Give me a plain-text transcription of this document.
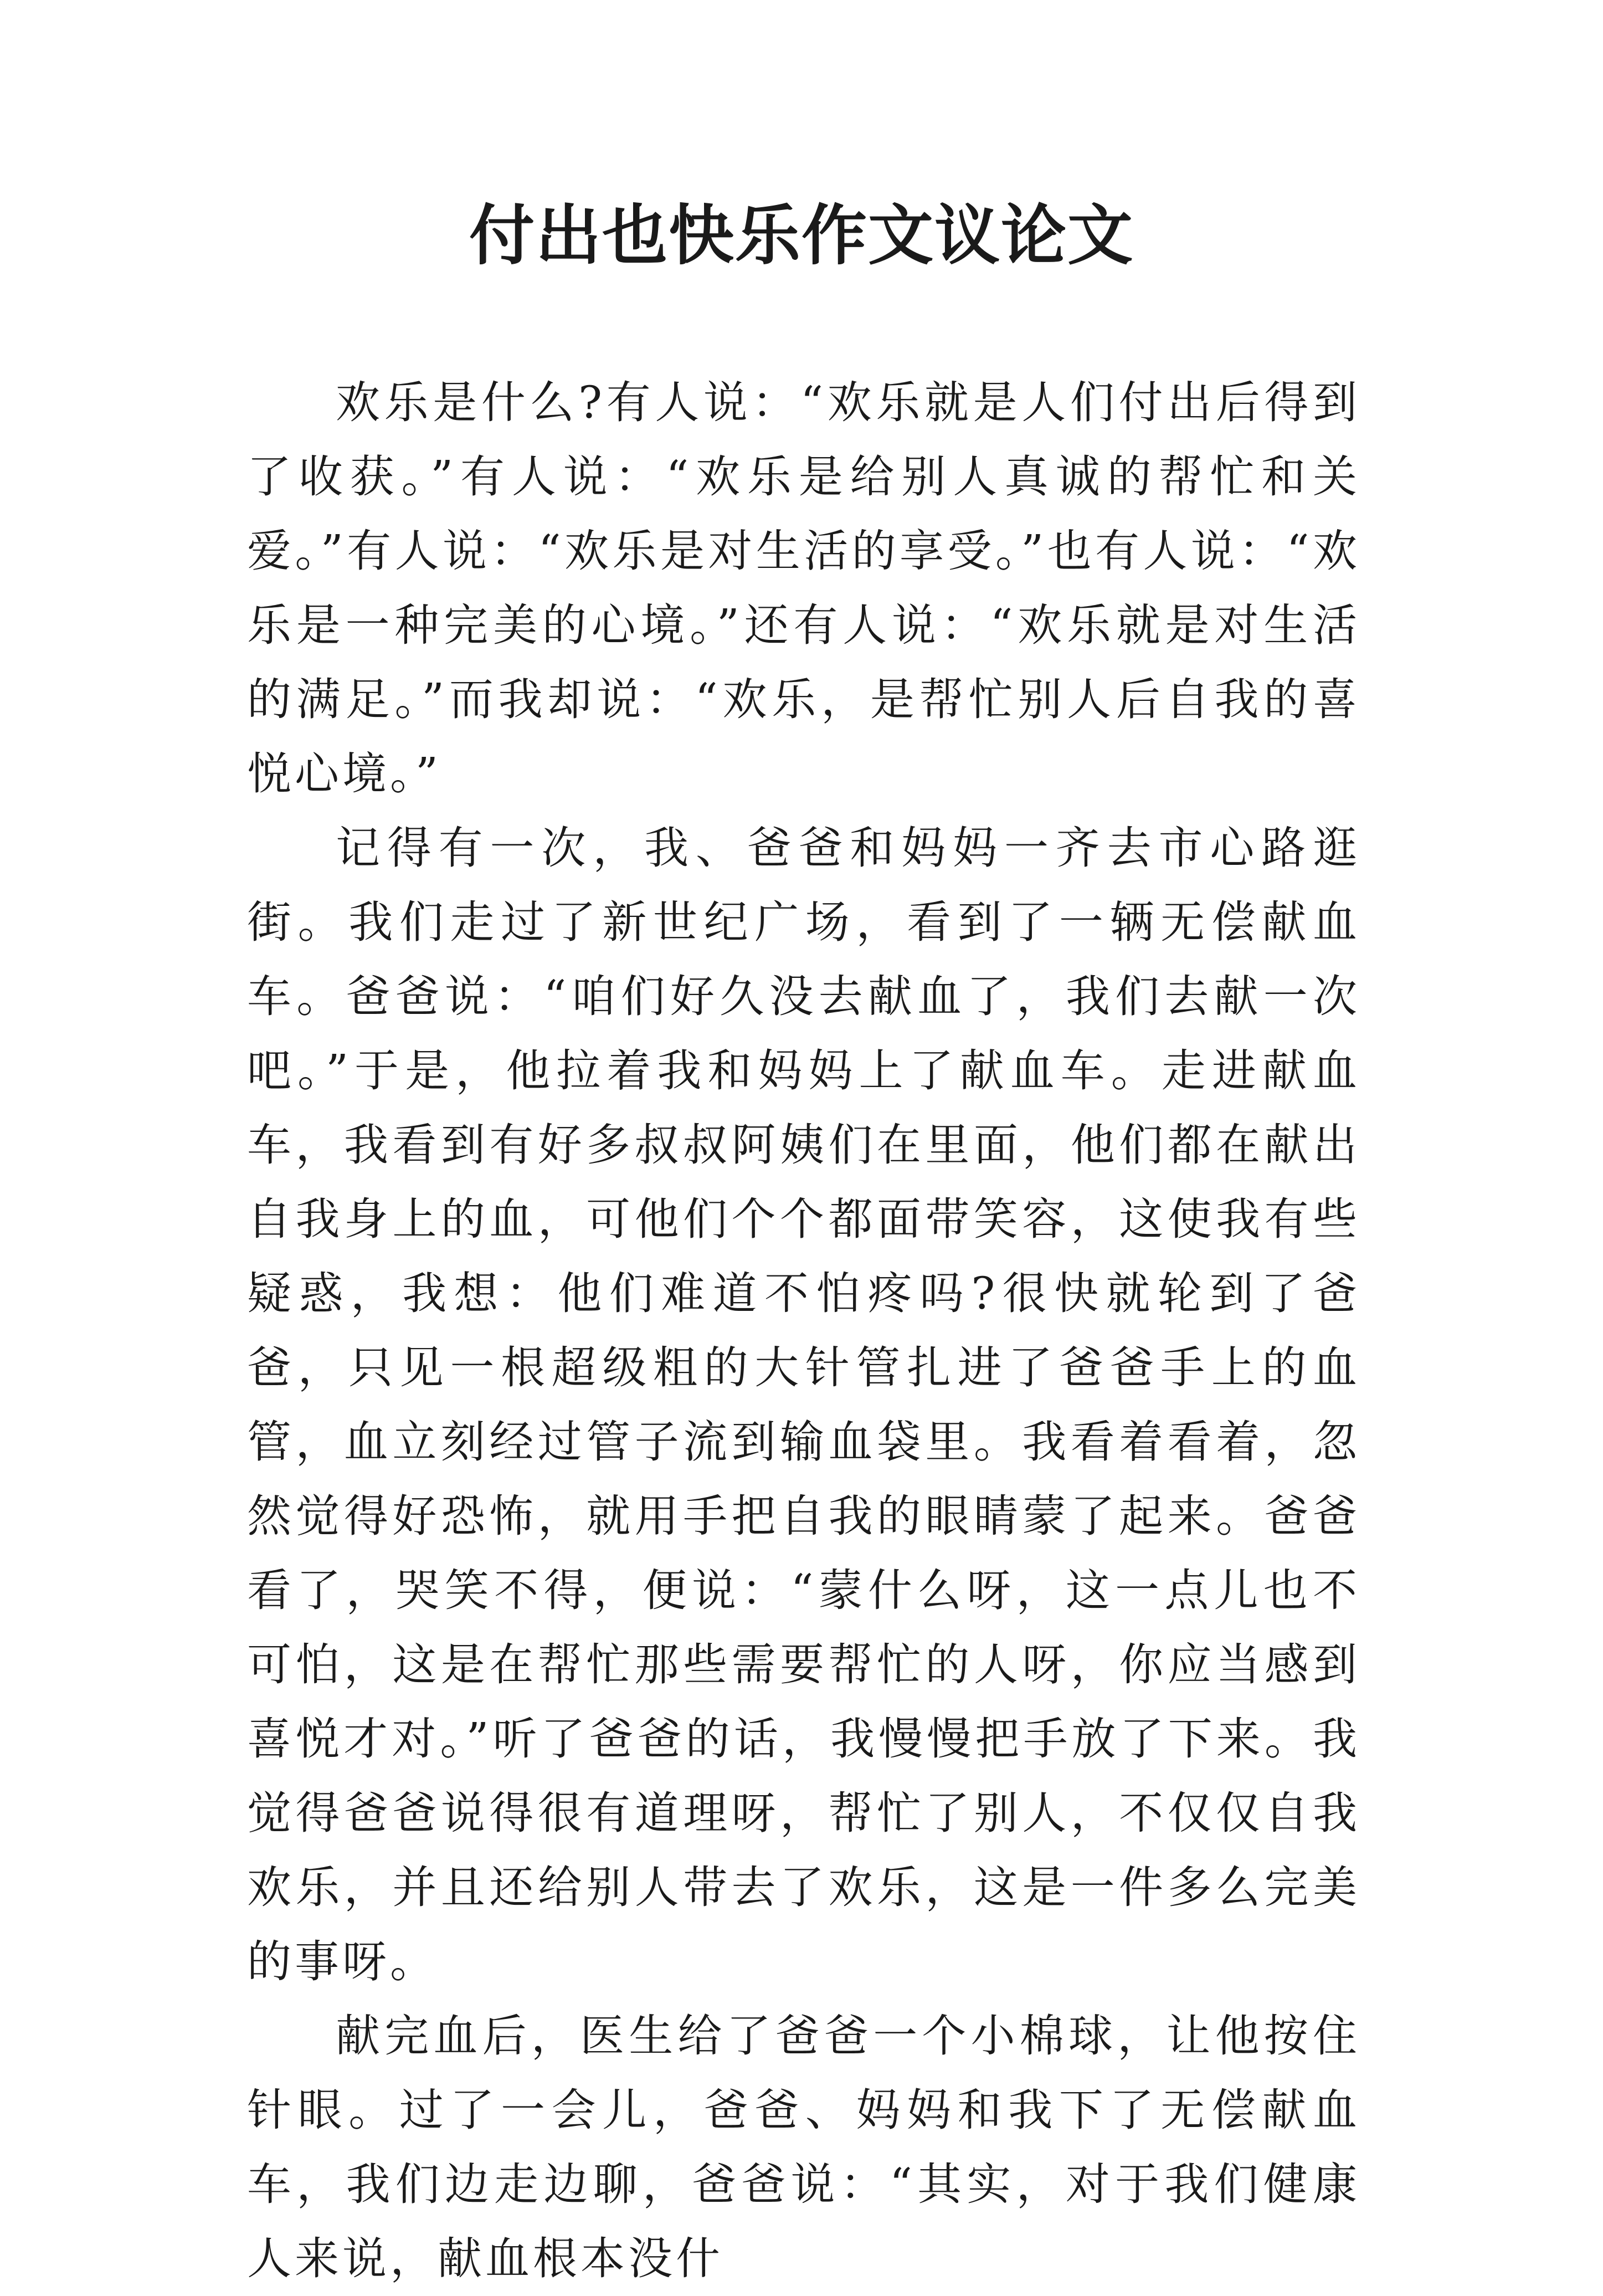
付出也快乐作文议论文

欢乐是什么?有人说：“欢乐就是人们付出后得到了收获。”有人说：“欢乐是给别人真诚的帮忙和关爱。”有人说：“欢乐是对生活的享受。”也有人说：“欢乐是一种完美的心境。”还有人说：“欢乐就是对生活的满足。”而我却说：“欢乐，是帮忙别人后自我的喜悦心境。”

记得有一次，我、爸爸和妈妈一齐去市心路逛街。我们走过了新世纪广场，看到了一辆无偿献血车。爸爸说：“咱们好久没去献血了，我们去献一次吧。”于是，他拉着我和妈妈上了献血车。走进献血车，我看到有好多叔叔阿姨们在里面，他们都在献出自我身上的血，可他们个个都面带笑容，这使我有些疑惑，我想：他们难道不怕疼吗?很快就轮到了爸爸，只见一根超级粗的大针管扎进了爸爸手上的血管，血立刻经过管子流到输血袋里。我看着看着，忽然觉得好恐怖，就用手把自我的眼睛蒙了起来。爸爸看了，哭笑不得，便说：“蒙什么呀，这一点儿也不可怕，这是在帮忙那些需要帮忙的人呀，你应当感到喜悦才对。”听了爸爸的话，我慢慢把手放了下来。我觉得爸爸说得很有道理呀，帮忙了别人，不仅仅自我欢乐，并且还给别人带去了欢乐，这是一件多么完美的事呀。

献完血后，医生给了爸爸一个小棉球，让他按住针眼。过了一会儿，爸爸、妈妈和我下了无偿献血车，我们边走边聊，爸爸说：“其实，对于我们健康人来说，献血根本没什
